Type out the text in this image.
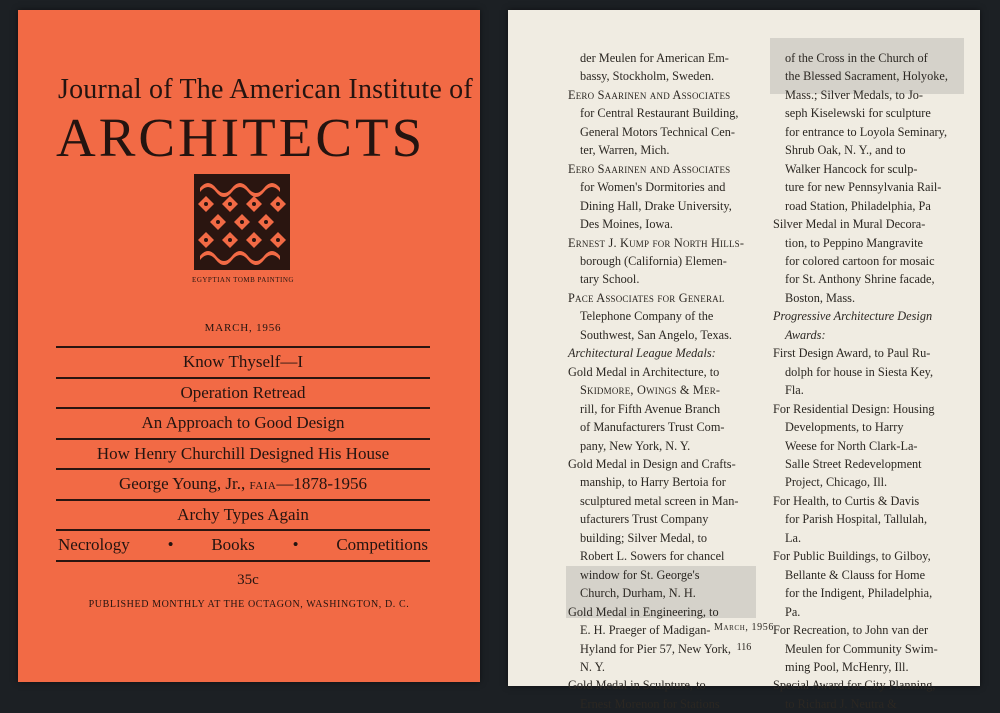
Journal of The American Institute of
ARCHITECTS
EGYPTIAN TOMB PAINTING
MARCH, 1956
Know Thyself—I
Operation Retread
An Approach to Good Design
How Henry Churchill Designed His House
George Young, Jr., FAIA—1878-1956
Archy Types Again
Necrology • Books • Competitions
35c
PUBLISHED MONTHLY AT THE OCTAGON, WASHINGTON, D. C.

der Meulen for American Em-

bassy, Stockholm, Sweden.

Eero Saarinen and Associates

for Central Restaurant Building,

General Motors Technical Cen-

ter, Warren, Mich.

Eero Saarinen and Associates

for Women's Dormitories and

Dining Hall, Drake University,

Des Moines, Iowa.

Ernest J. Kump for North Hills-

borough (California) Elemen-

tary School.

Pace Associates for General

Telephone Company of the

Southwest, San Angelo, Texas.

Architectural League Medals:

Gold Medal in Architecture, to

Skidmore, Owings & Mer-

rill, for Fifth Avenue Branch

of Manufacturers Trust Com-

pany, New York, N. Y.

Gold Medal in Design and Crafts-

manship, to Harry Bertoia for

sculptured metal screen in Man-

ufacturers Trust Company

building; Silver Medal, to

Robert L. Sowers for chancel

window for St. George's

Church, Durham, N. H.

Gold Medal in Engineering, to

E. H. Praeger of Madigan-

Hyland for Pier 57, New York,

N. Y.

Gold Medal in Sculpture, to

Ernest Morenon for Stations

of the Cross in the Church of

the Blessed Sacrament, Holyoke,

Mass.; Silver Medals, to Jo-

seph Kiselewski for sculpture

for entrance to Loyola Seminary,

Shrub Oak, N. Y., and to

Walker Hancock for sculp-

ture for new Pennsylvania Rail-

road Station, Philadelphia, Pa

Silver Medal in Mural Decora-

tion, to Peppino Mangravite

for colored cartoon for mosaic

for St. Anthony Shrine facade,

Boston, Mass.

Progressive Architecture Design

Awards:

First Design Award, to Paul Ru-

dolph for house in Siesta Key,

Fla.

For Residential Design: Housing

Developments, to Harry

Weese for North Clark-La-

Salle Street Redevelopment

Project, Chicago, Ill.

For Health, to Curtis & Davis

for Parish Hospital, Tallulah,

La.

For Public Buildings, to Gilboy,

Bellante & Clauss for Home

for the Indigent, Philadelphia,

Pa.

For Recreation, to John van der

Meulen for Community Swim-

ming Pool, McHenry, Ill.

Special Award for City Planning,

to Richard J. Neutra &

March, 1956
116
